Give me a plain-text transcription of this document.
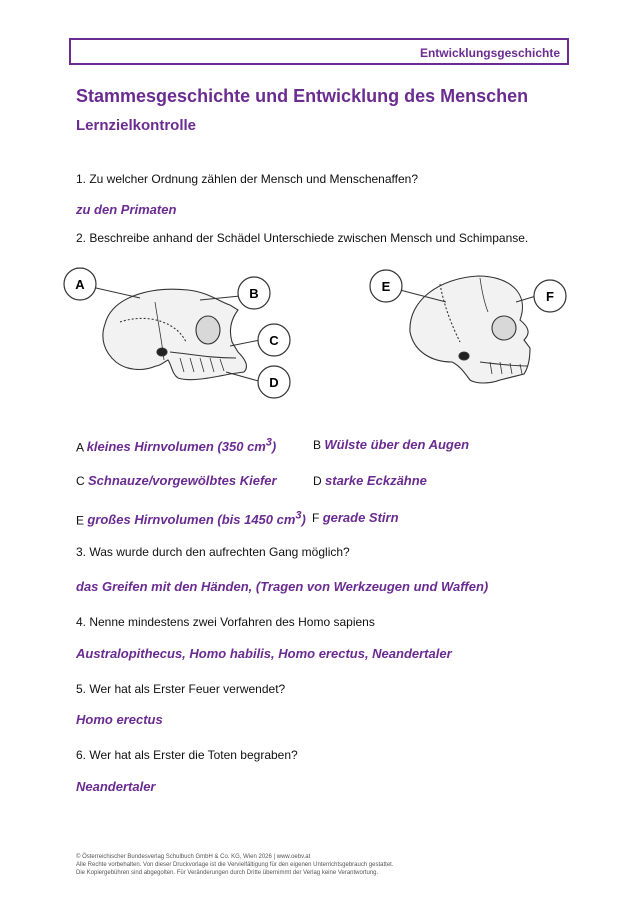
Entwicklungsgeschichte
Stammesgeschichte und Entwicklung des Menschen
Lernzielkontrolle
1. Zu welcher Ordnung zählen der Mensch und Menschenaffen?
zu den Primaten
2. Beschreibe anhand der Schädel Unterschiede zwischen Mensch und Schimpanse.
A
B
C
D
E
F
A kleines Hirnvolumen (350 $cm^3$)	B Wülste über den Augen
C Schnauze/vorgewölbtes Kiefer	D starke Eckzähne
E großes Hirnvolumen (bis 1450 $cm^3$) F gerade Stirn
3. Was wurde durch den aufrechten Gang möglich?
das Greifen mit den Händen, (Tragen von Werkzeugen und Waffen)
4. Nenne mindestens zwei Vorfahren des Homo sapiens
Australopithecus, Homo habilis, Homo erectus, Neandertaler
5. Wer hat als Erster Feuer verwendet?
Homo erectus
6. Wer hat als Erster die Toten begraben?
Neandertaler
© Österreichischer Bundesverlag Schulbuch GmbH & Co. KG, Wien 2026 | www.oebv.at
Alle Rechte vorbehalten. Von dieser Druckvorlage ist die Vervielfältigung für den eigenen Unterrichtsgebrauch gestattet.
Die Kopiergebühren sind abgegolten. Für Veränderungen durch Dritte übernimmt der Verlag keine Verantwortung.
